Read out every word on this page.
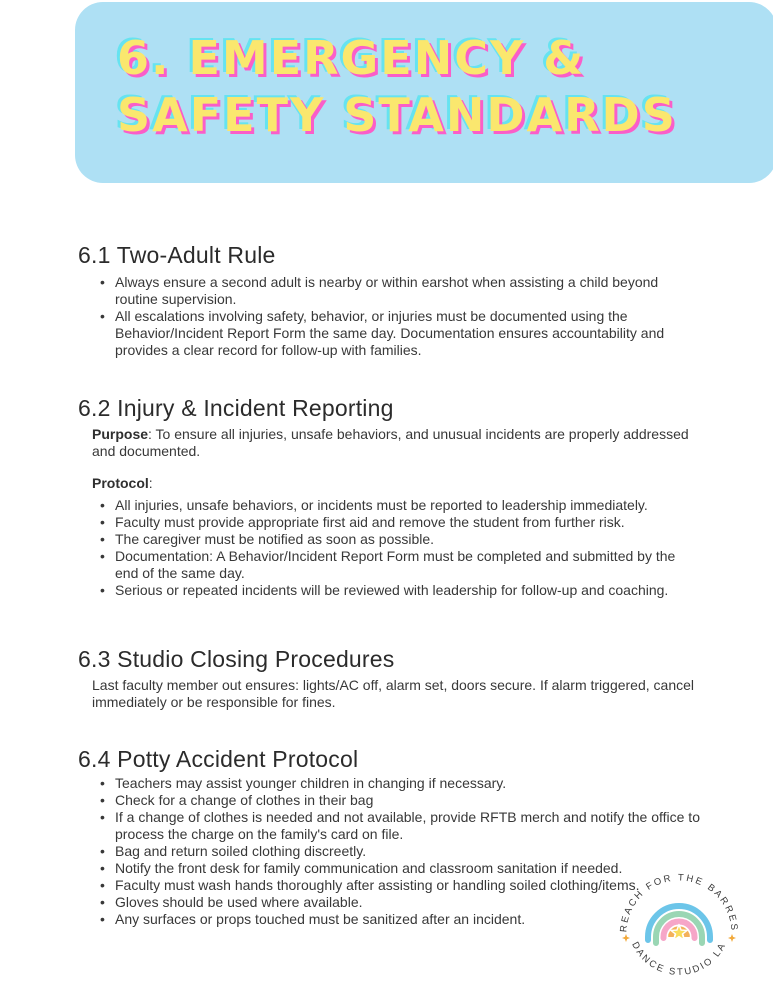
6. EMERGENCY &
SAFETY STANDARDS
6.1 Two-Adult Rule
• Always ensure a second adult is nearby or within earshot when assisting a child beyond routine supervision.
• All escalations involving safety, behavior, or injuries must be documented using the Behavior/Incident Report Form the same day. Documentation ensures accountability and provides a clear record for follow-up with families.
6.2 Injury & Incident Reporting

Purpose: To ensure all injuries, unsafe behaviors, and unusual incidents are properly addressed and documented.

Protocol:

• All injuries, unsafe behaviors, or incidents must be reported to leadership immediately.
• Faculty must provide appropriate first aid and remove the student from further risk.
• The caregiver must be notified as soon as possible.
• Documentation: A Behavior/Incident Report Form must be completed and submitted by the end of the same day.
• Serious or repeated incidents will be reviewed with leadership for follow-up and coaching.
6.3 Studio Closing Procedures

Last faculty member out ensures: lights/AC off, alarm set, doors secure. If alarm triggered, cancel immediately or be responsible for fines.

6.4 Potty Accident Protocol
• Teachers may assist younger children in changing if necessary.
• Check for a change of clothes in their bag
• If a change of clothes is needed and not available, provide RFTB merch and notify the office to process the charge on the family's card on file.
• Bag and return soiled clothing discreetly.
• Notify the front desk for family communication and classroom sanitation if needed.
• Faculty must wash hands thoroughly after assisting or handling soiled clothing/items.
• Gloves should be used where available.
• Any surfaces or props touched must be sanitized after an incident.
REACH FOR THE BARRES
DANCE STUDIO LA
